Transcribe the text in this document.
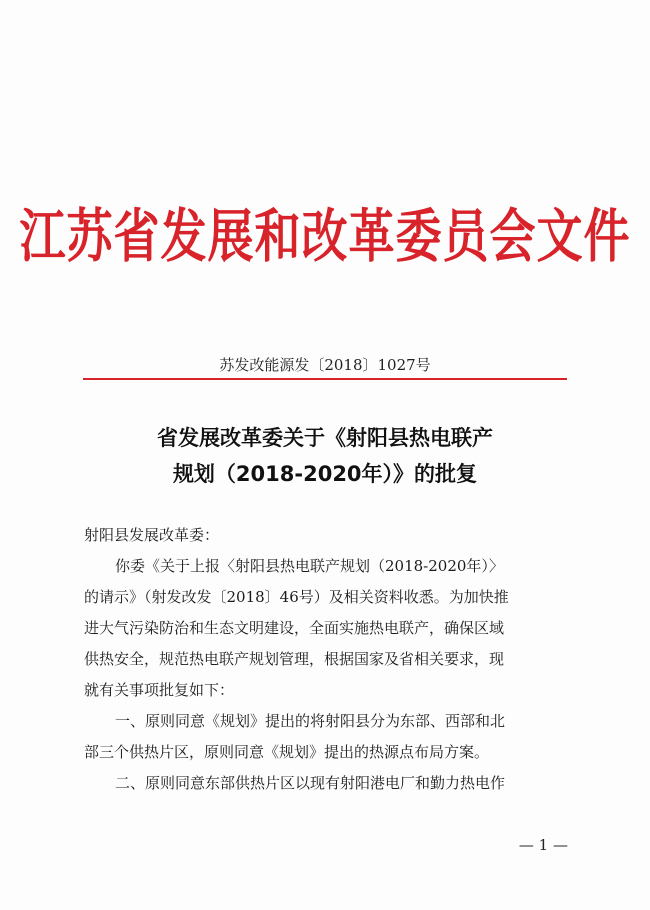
江苏省发展和改革委员会文件
苏发改能源发〔2018〕1027号
省发展改革委关于《射阳县热电联产
规划（2018-2020年）》的批复

射阳县发展改革委：

你委《关于上报〈射阳县热电联产规划（2018-2020年）〉

的请示》（射发改发〔2018〕46号）及相关资料收悉。为加快推

进大气污染防治和生态文明建设，全面实施热电联产，确保区域

供热安全，规范热电联产规划管理，根据国家及省相关要求，现

就有关事项批复如下：

一、原则同意《规划》提出的将射阳县分为东部、西部和北

部三个供热片区，原则同意《规划》提出的热源点布局方案。

二、原则同意东部供热片区以现有射阳港电厂和勤力热电作

— 1 —
